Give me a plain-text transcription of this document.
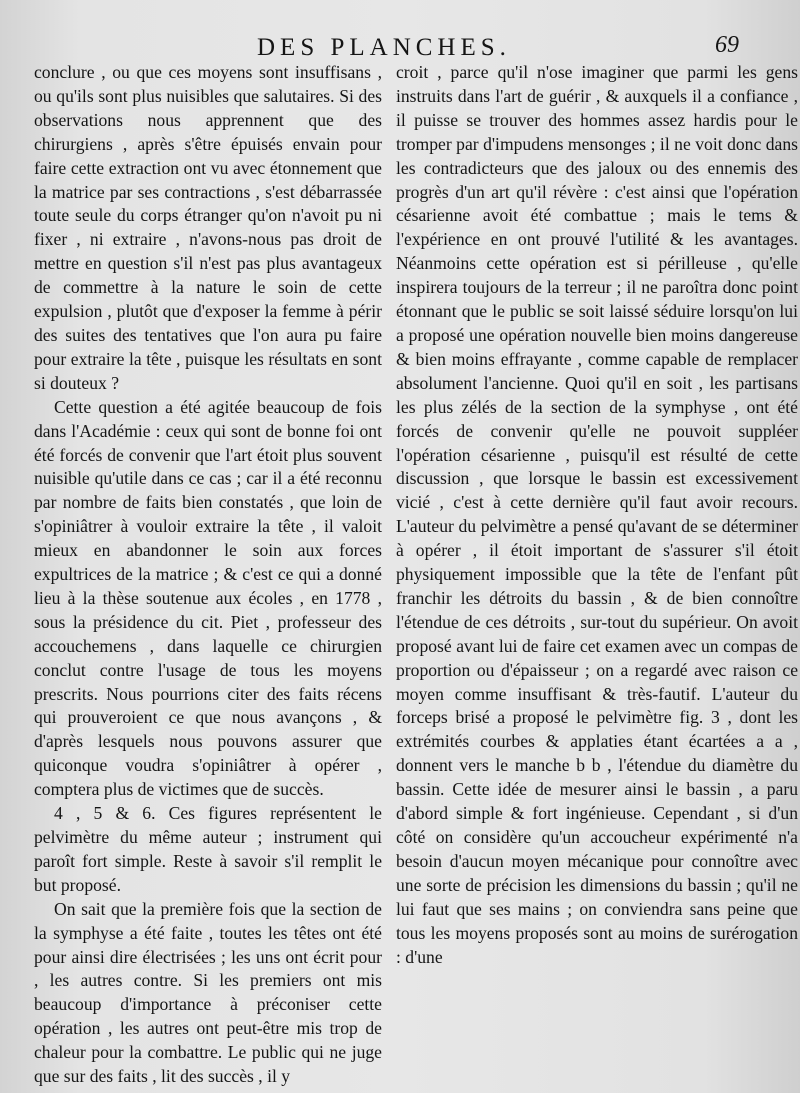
DES PLANCHES.	69

conclure , ou que ces moyens sont insuffisans , ou qu'ils sont plus nuisibles que salutaires. Si des observations nous apprennent que des chirurgiens , après s'être épuisés envain pour faire cette extraction ont vu avec étonnement que la matrice par ses contractions , s'est débarrassée toute seule du corps étranger qu'on n'avoit pu ni fixer , ni extraire , n'avons-nous pas droit de mettre en question s'il n'est pas plus avantageux de commettre à la nature le soin de cette expulsion , plutôt que d'exposer la femme à périr des suites des tentatives que l'on aura pu faire pour extraire la tête , puisque les résultats en sont si douteux ?

Cette question a été agitée beaucoup de fois dans l'Académie : ceux qui sont de bonne foi ont été forcés de convenir que l'art étoit plus souvent nuisible qu'utile dans ce cas ; car il a été reconnu par nombre de faits bien constatés , que loin de s'opiniâtrer à vouloir extraire la tête , il valoit mieux en abandonner le soin aux forces expultrices de la matrice ; & c'est ce qui a donné lieu à la thèse soutenue aux écoles , en 1778 , sous la présidence du cit. Piet , professeur des accouchemens , dans laquelle ce chirurgien conclut contre l'usage de tous les moyens prescrits. Nous pourrions citer des faits récens qui prouveroient ce que nous avançons , & d'après lesquels nous pouvons assurer que quiconque voudra s'opiniâtrer à opérer , comptera plus de victimes que de succès.

4 , 5 & 6. Ces figures représentent le pelvimètre du même auteur ; instrument qui paroît fort simple. Reste à savoir s'il remplit le but proposé.

On sait que la première fois que la section de la symphyse a été faite , toutes les têtes ont été pour ainsi dire électrisées ; les uns ont écrit pour , les autres contre. Si les premiers ont mis beaucoup d'importance à préconiser cette opération , les autres ont peut-être mis trop de chaleur pour la combattre. Le public qui ne juge que sur des faits , lit des succès , il y

croit , parce qu'il n'ose imaginer que parmi les gens instruits dans l'art de guérir , & auxquels il a confiance , il puisse se trouver des hommes assez hardis pour le tromper par d'impudens mensonges ; il ne voit donc dans les contradicteurs que des jaloux ou des ennemis des progrès d'un art qu'il révère : c'est ainsi que l'opération césarienne avoit été combattue ; mais le tems & l'expérience en ont prouvé l'utilité & les avantages. Néanmoins cette opération est si périlleuse , qu'elle inspirera toujours de la terreur ; il ne paroîtra donc point étonnant que le public se soit laissé séduire lorsqu'on lui a proposé une opération nouvelle bien moins dangereuse & bien moins effrayante , comme capable de remplacer absolument l'ancienne. Quoi qu'il en soit , les partisans les plus zélés de la section de la symphyse , ont été forcés de convenir qu'elle ne pouvoit suppléer l'opération césarienne , puisqu'il est résulté de cette discussion , que lorsque le bassin est excessivement vicié , c'est à cette dernière qu'il faut avoir recours. L'auteur du pelvimètre a pensé qu'avant de se déterminer à opérer , il étoit important de s'assurer s'il étoit physiquement impossible que la tête de l'enfant pût franchir les détroits du bassin , & de bien connoître l'étendue de ces détroits , sur-tout du supérieur. On avoit proposé avant lui de faire cet examen avec un compas de proportion ou d'épaisseur ; on a regardé avec raison ce moyen comme insuffisant & très-fautif. L'auteur du forceps brisé a proposé le pelvimètre fig. 3 , dont les extrémités courbes & applaties étant écartées a a , donnent vers le manche b b , l'étendue du diamètre du bassin. Cette idée de mesurer ainsi le bassin , a paru d'abord simple & fort ingénieuse. Cependant , si d'un côté on considère qu'un accoucheur expérimenté n'a besoin d'aucun moyen mécanique pour connoître avec une sorte de précision les dimensions du bassin ; qu'il ne lui faut que ses mains ; on conviendra sans peine que tous les moyens proposés sont au moins de surérogation : d'une
